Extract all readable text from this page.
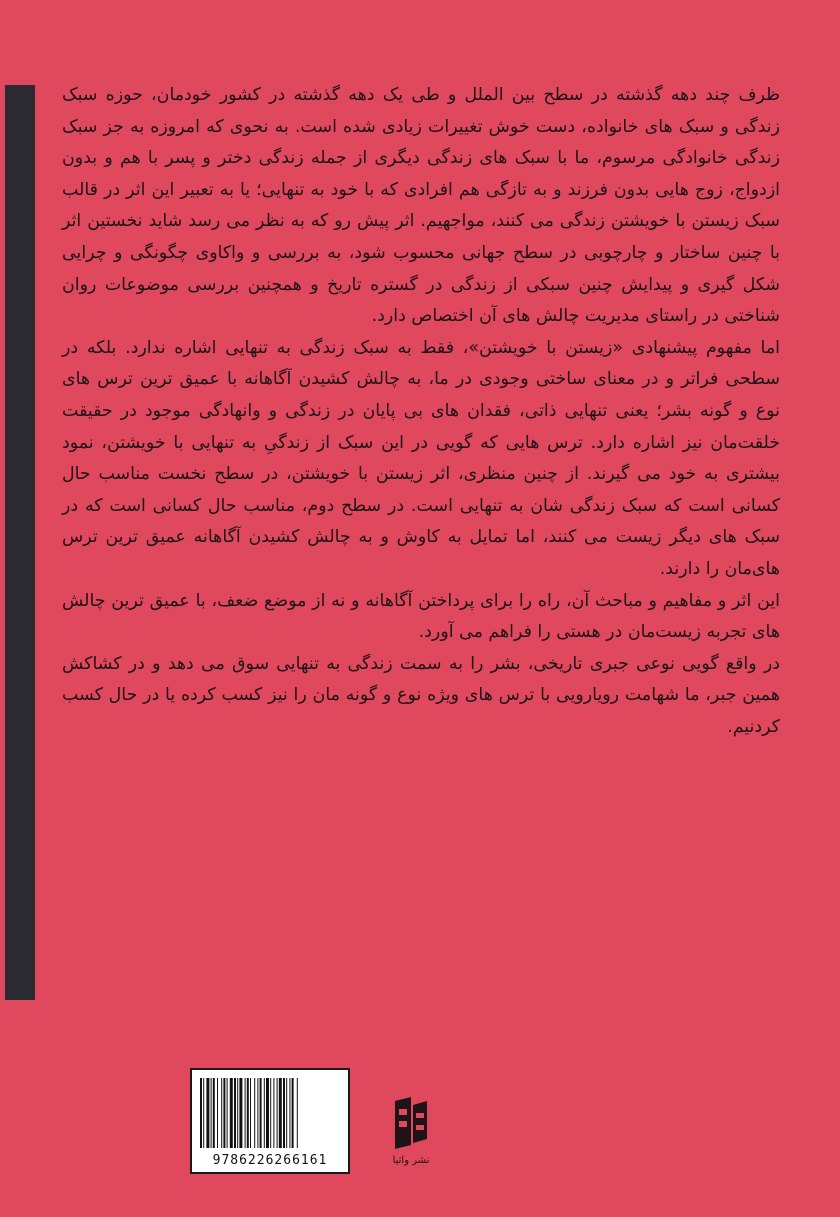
ظرف چند دهه گذشته در سطح بین الملل و طی یک دهه گذشته در کشور خودمان، حوزه سبک زندگی و سبک های خانواده، دست خوش تغییرات زیادی شده است. به نحوی که امروزه به جز سبک زندگی خانوادگی مرسوم، ما با سبک های زندگی دیگری از جمله زندگی دختر و پسر با هم و بدون ازدواج، زوج هایی بدون فرزند و به تازگی هم افرادی که با خود به تنهایی؛ یا به تعبیر این اثر در قالب سبک زیستن با خویشتن زندگی می کنند، مواجهیم. اثر پیش رو که به نظر می رسد شاید نخستین اثر با چنین ساختار و چارچوبی در سطح جهانی محسوب شود، به بررسی و واکاوی چگونگی و چرایی شکل گیری و پیدایش چنین سبکی از زندگی در گستره تاریخ و همچنین بررسی موضوعات روان شناختی در راستای مدیریت چالش های آن اختصاص دارد.

اما مفهوم پیشنهادی «زیستن با خویشتن»، فقط به سبک زندگی به تنهایی اشاره ندارد. بلکه در سطحی فراتر و در معنای ساختی وجودی در ما، به چالش کشیدن آگاهانه با عمیق ترین ترس های نوع و گونه بشر؛ یعنی تنهایی ذاتی، فقدان های بی پایان در زندگی و وانهادگی موجود در حقیقت خلقت‌مان نیز اشاره دارد. ترس هایی که گویی در این سبک از زندگیِ به تنهایی با خویشتن، نمود بیشتری به خود می گیرند. از چنین منظری، اثر زیستن با خویشتن، در سطح نخست مناسب حال کسانی است که سبک زندگی شان به تنهایی است. در سطح دوم، مناسب حال کسانی است که در سبک های دیگر زیست می کنند، اما تمایل به کاوش و به چالش کشیدن آگاهانه عمیق ترین ترس های‌مان را دارند.

این اثر و مفاهیم و مباحث آن، راه را برای پرداختن آگاهانه و نه از موضع ضعف، با عمیق ترین چالش های تجربه زیست‌مان در هستی را فراهم می آورد.

در واقع گویی نوعی جبری تاریخی، بشر را به سمت زندگی به تنهایی سوق می دهد و در کشاکش همین جبر، ما شهامت رویارویی با ترس های ویژه نوع و گونه مان را نیز کسب کرده یا در حال کسب کردنیم.

9786226266161	نشر واثیا
